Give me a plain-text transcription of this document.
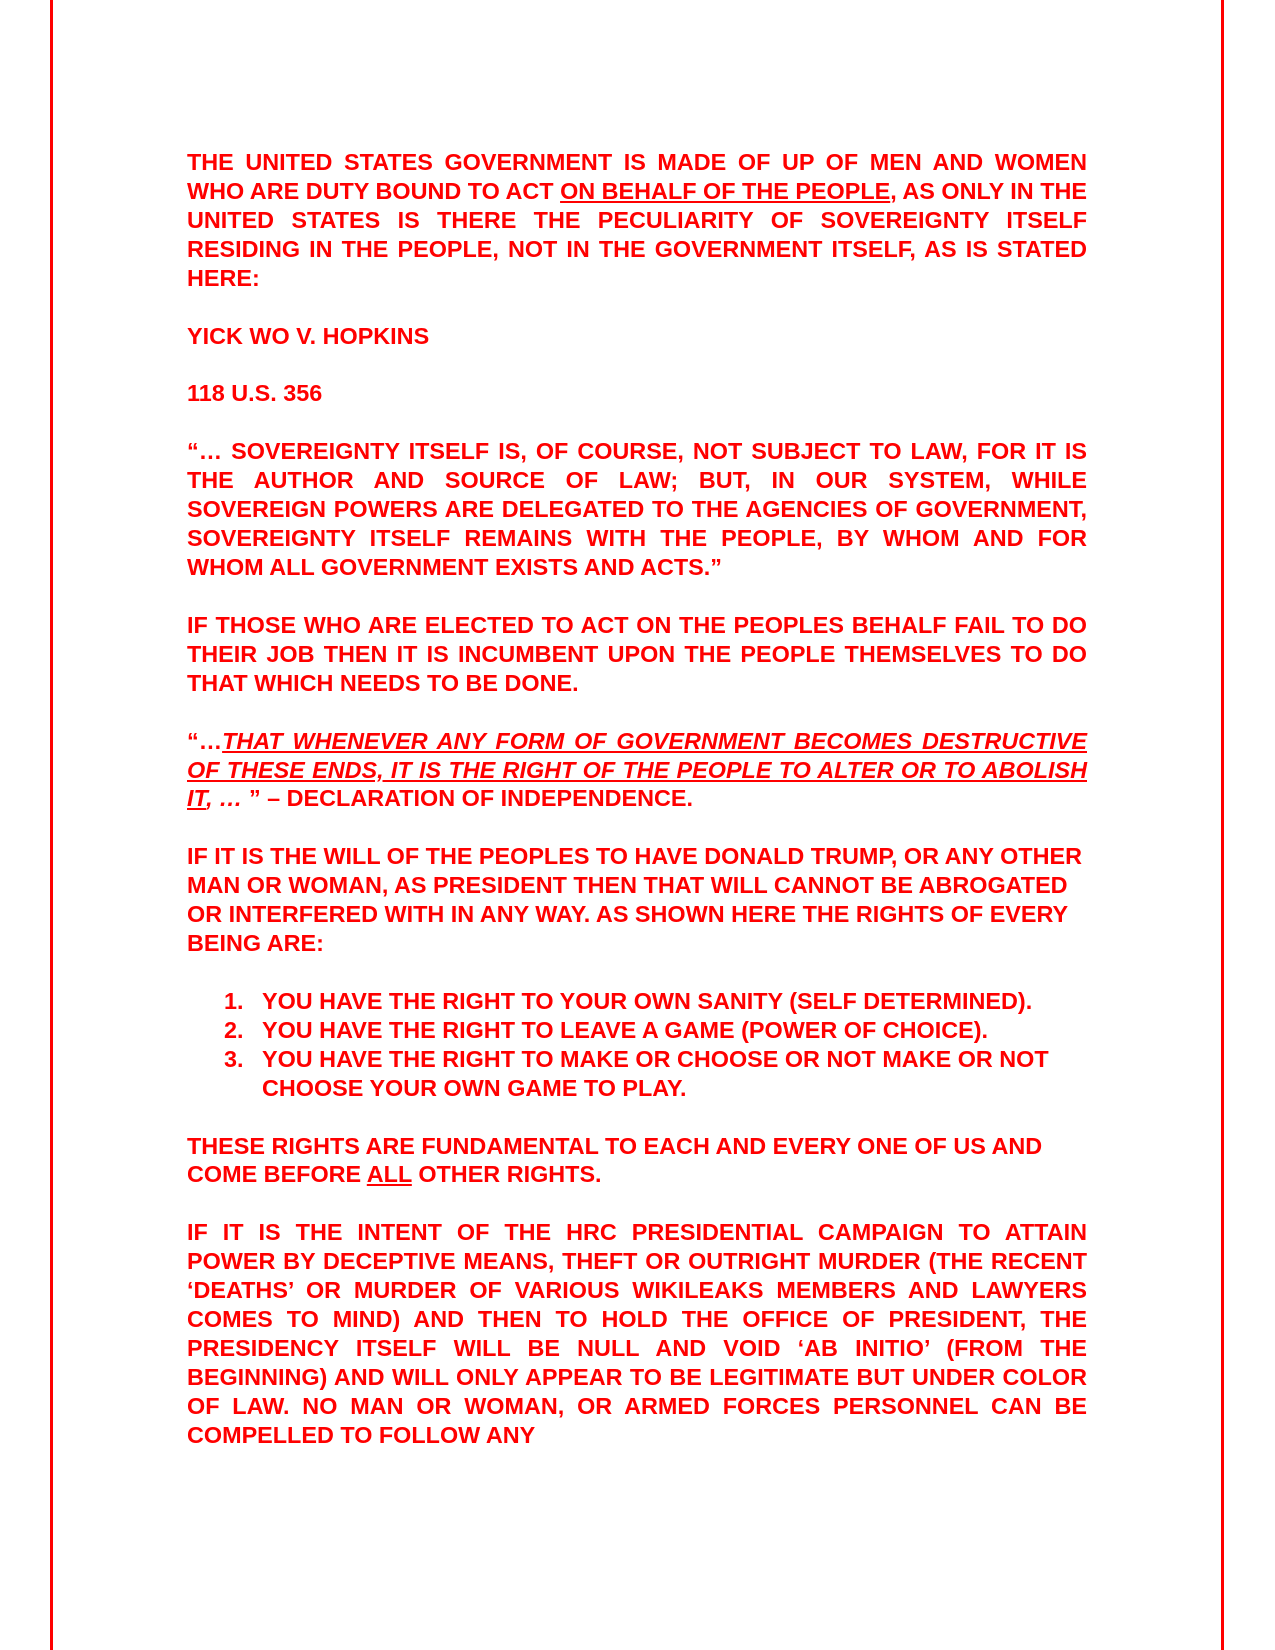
THE UNITED STATES GOVERNMENT IS MADE OF UP OF MEN AND WOMEN WHO ARE DUTY BOUND TO ACT ON BEHALF OF THE PEOPLE, AS ONLY IN THE UNITED STATES IS THERE THE PECULIARITY OF SOVEREIGNTY ITSELF RESIDING IN THE PEOPLE, NOT IN THE GOVERNMENT ITSELF, AS IS STATED HERE:

YICK WO V. HOPKINS

118 U.S. 356

“… SOVEREIGNTY ITSELF IS, OF COURSE, NOT SUBJECT TO LAW, FOR IT IS THE AUTHOR AND SOURCE OF LAW; BUT, IN OUR SYSTEM, WHILE SOVEREIGN POWERS ARE DELEGATED TO THE AGENCIES OF GOVERNMENT, SOVEREIGNTY ITSELF REMAINS WITH THE PEOPLE, BY WHOM AND FOR WHOM ALL GOVERNMENT EXISTS AND ACTS.”

IF THOSE WHO ARE ELECTED TO ACT ON THE PEOPLES BEHALF FAIL TO DO THEIR JOB THEN IT IS INCUMBENT UPON THE PEOPLE THEMSELVES TO DO THAT WHICH NEEDS TO BE DONE.

“…THAT WHENEVER ANY FORM OF GOVERNMENT BECOMES DESTRUCTIVE OF THESE ENDS, IT IS THE RIGHT OF THE PEOPLE TO ALTER OR TO ABOLISH IT, … ” – DECLARATION OF INDEPENDENCE.

IF IT IS THE WILL OF THE PEOPLES TO HAVE DONALD TRUMP, OR ANY OTHER MAN OR WOMAN, AS PRESIDENT THEN THAT WILL CANNOT BE ABROGATED OR INTERFERED WITH IN ANY WAY. AS SHOWN HERE THE RIGHTS OF EVERY BEING ARE:

1. YOU HAVE THE RIGHT TO YOUR OWN SANITY (SELF DETERMINED).
2. YOU HAVE THE RIGHT TO LEAVE A GAME (POWER OF CHOICE).
3. YOU HAVE THE RIGHT TO MAKE OR CHOOSE OR NOT MAKE OR NOT CHOOSE YOUR OWN GAME TO PLAY.

THESE RIGHTS ARE FUNDAMENTAL TO EACH AND EVERY ONE OF US AND COME BEFORE ALL OTHER RIGHTS.

IF IT IS THE INTENT OF THE HRC PRESIDENTIAL CAMPAIGN TO ATTAIN POWER BY DECEPTIVE MEANS, THEFT OR OUTRIGHT MURDER (THE RECENT ‘DEATHS’ OR MURDER OF VARIOUS WIKILEAKS MEMBERS AND LAWYERS COMES TO MIND) AND THEN TO HOLD THE OFFICE OF PRESIDENT, THE PRESIDENCY ITSELF WILL BE NULL AND VOID ‘AB INITIO’ (FROM THE BEGINNING) AND WILL ONLY APPEAR TO BE LEGITIMATE BUT UNDER COLOR OF LAW. NO MAN OR WOMAN, OR ARMED FORCES PERSONNEL CAN BE COMPELLED TO FOLLOW ANY
